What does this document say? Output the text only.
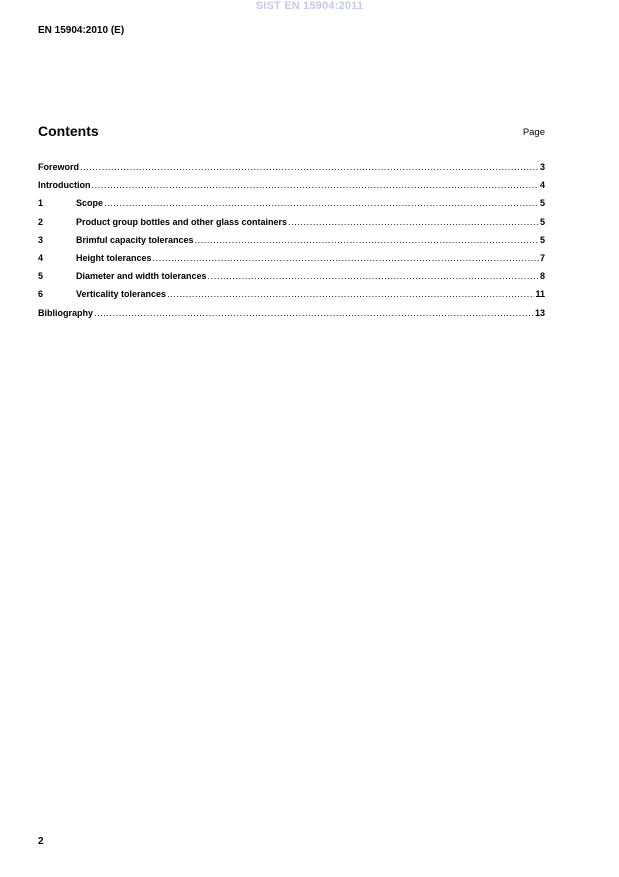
SIST EN 15904:2011
EN 15904:2010 (E)
Contents	Page
Foreword .....	3
Introduction .....	4
1	Scope .....	5
2	Product group bottles and other glass containers .....	5
3	Brimful capacity tolerances .....	5
4	Height tolerances .....	7
5	Diameter and width tolerances .....	8
6	Verticality tolerances .....	11
Bibliography .....	13
2
